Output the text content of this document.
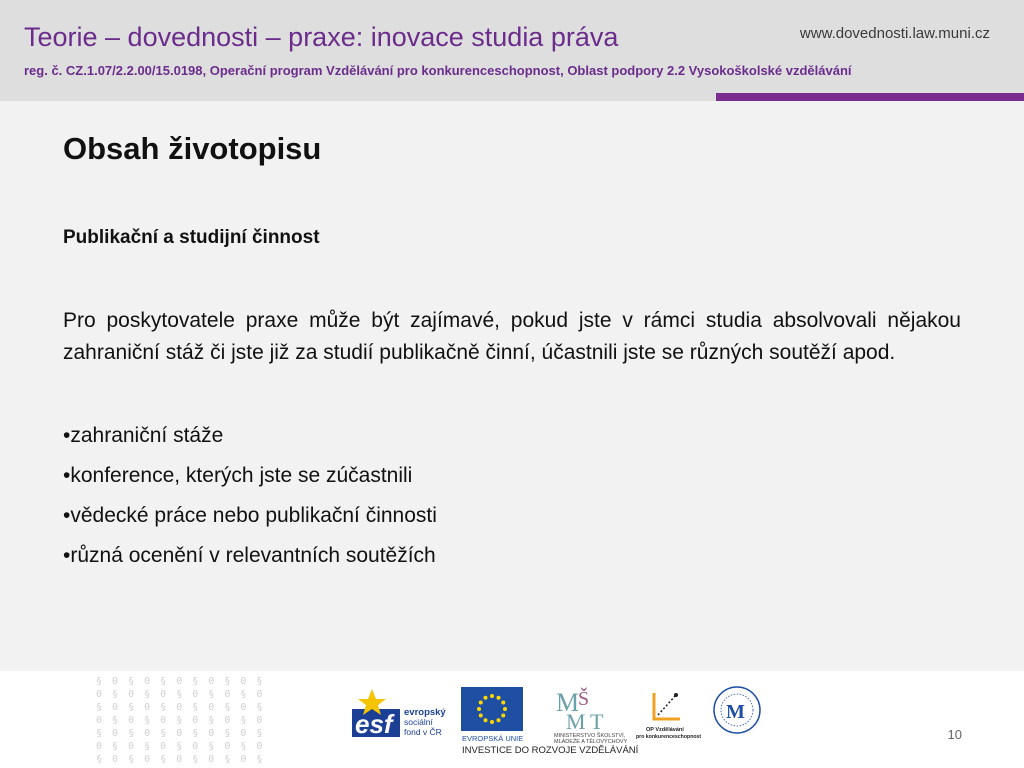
Teorie – dovednosti – praxe: inovace studia práva	www.dovednosti.law.muni.cz
reg. č. CZ.1.07/2.2.00/15.0198, Operační program Vzdělávání pro konkurenceschopnost, Oblast podpory 2.2 Vysokoškolské vzdělávání
Obsah životopisu
Publikační a studijní činnost
Pro poskytovatele praxe může být zajímavé, pokud jste v rámci studia absolvovali nějakou zahraniční stáž či jste již za studií publikačně činní, účastnili jste se různých soutěží apod.
•zahraniční stáže
•konference, kterých jste se zúčastnili
•vědecké práce nebo publikační činnosti
•různá ocenění v relevantních soutěžích
§ 0 § 0 § 0 § 0 § 0 §
0 § 0 § 0 § 0 § 0 § 0
§ 0 § 0 § 0 § 0 § 0 §
0 § 0 § 0 § 0 § 0 § 0
§ 0 § 0 § 0 § 0 § 0 §
0 § 0 § 0 § 0 § 0 § 0
§ 0 § 0 § 0 § 0 § 0 §
esf evropský
sociální
fond v ČR
EVROPSKÁ UNIE
M
Š
M T
MINISTERSTVO ŠKOLSTVÍ,
MLÁDEŽE A TĚLOVÝCHOVY
OP Vzdělávání
pro konkurenceschopnost
M
INVESTICE DO ROZVOJE VZDĚLÁVÁNÍ
10
